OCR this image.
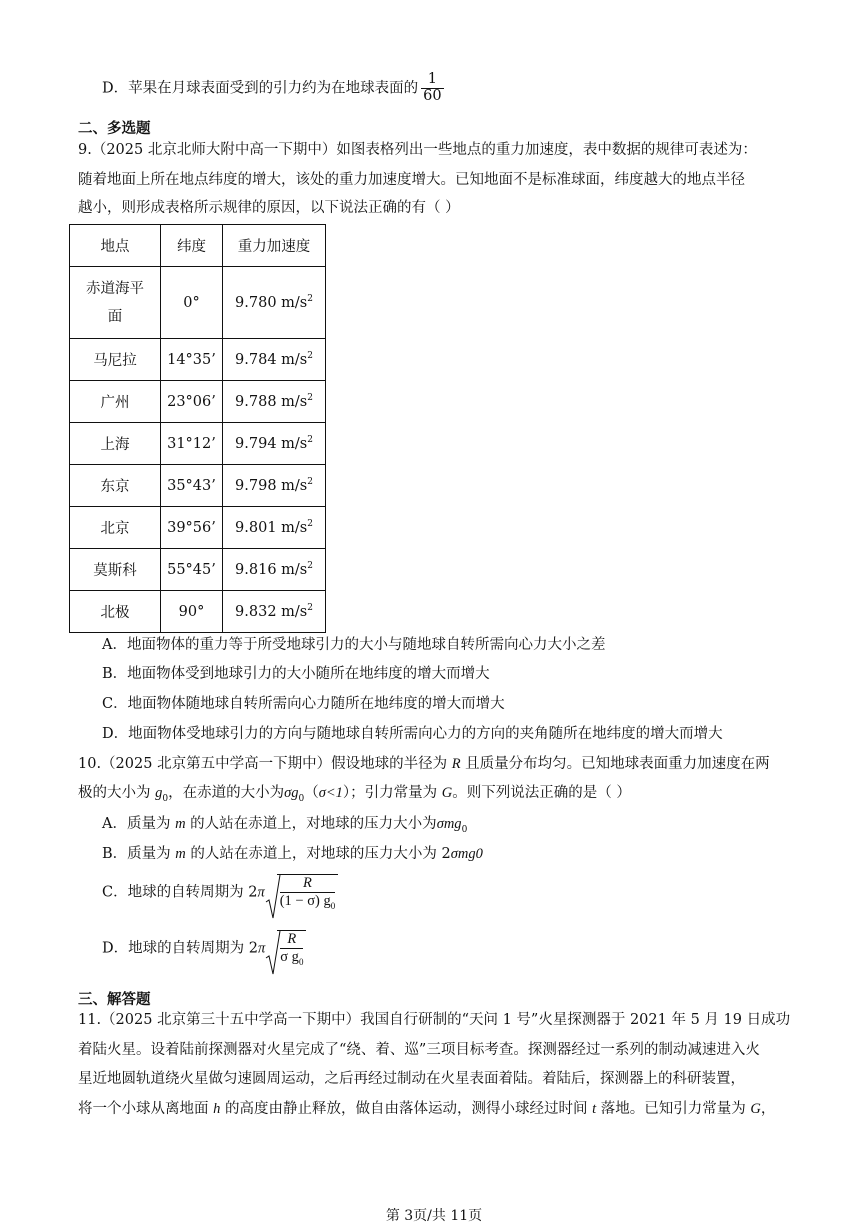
D．苹果在月球表面受到的引力约为在地球表面的 $\frac{1}{60}$
二、多选题
9.（2025 北京北师大附中高一下期中）如图表格列出一些地点的重力加速度，表中数据的规律可表述为：
随着地面上所在地点纬度的增大，该处的重力加速度增大。已知地面不是标准球面，纬度越大的地点半径
越小，则形成表格所示规律的原因，以下说法正确的有（ ）
地点	纬度	重力加速度
赤道海平
面	0°	9.780 $m/s^2$
马尼拉	14°35’	9.784 $m/s^2$
广州	23°06’	9.788 $m/s^2$
上海	31°12’	9.794 $m/s^2$
东京	35°43’	9.798 $m/s^2$
北京	39°56’	9.801 $m/s^2$
莫斯科	55°45’	9.816 $m/s^2$
北极	90°	9.832 $m/s^2$
A．地面物体的重力等于所受地球引力的大小与随地球自转所需向心力大小之差
B．地面物体受到地球引力的大小随所在地纬度的增大而增大
C．地面物体随地球自转所需向心力随所在地纬度的增大而增大
D．地面物体受地球引力的方向与随地球自转所需向心力的方向的夹角随所在地纬度的增大而增大
10.（2025 北京第五中学高一下期中）假设地球的半径为 R 且质量分布均匀。已知地球表面重力加速度在两
极的大小为 $g_0$，在赤道的大小为$\sigma g_0(\sigma<1)$；引力常量为 G。则下列说法正确的是（ ）
A．质量为 m 的人站在赤道上，对地球的压力大小为σmg$_0$
B．质量为 m 的人站在赤道上，对地球的压力大小为 2σmg0
C．地球的自转周期为 $2\pi \frac{R}{(1 - \sigma) g_0}$
D．地球的自转周期为 $2\pi \frac{R}{\sigma g_0}$
三、解答题
11.（2025 北京第三十五中学高一下期中）我国自行研制的“天问 1 号”火星探测器于 2021 年 5 月 19 日成功
着陆火星。设着陆前探测器对火星完成了“绕、着、巡”三项目标考查。探测器经过一系列的制动减速进入火
星近地圆轨道绕火星做匀速圆周运动，之后再经过制动在火星表面着陆。着陆后，探测器上的科研装置，
将一个小球从离地面 h 的高度由静止释放，做自由落体运动，测得小球经过时间 t 落地。已知引力常量为 G，
第 3页/共 11页
